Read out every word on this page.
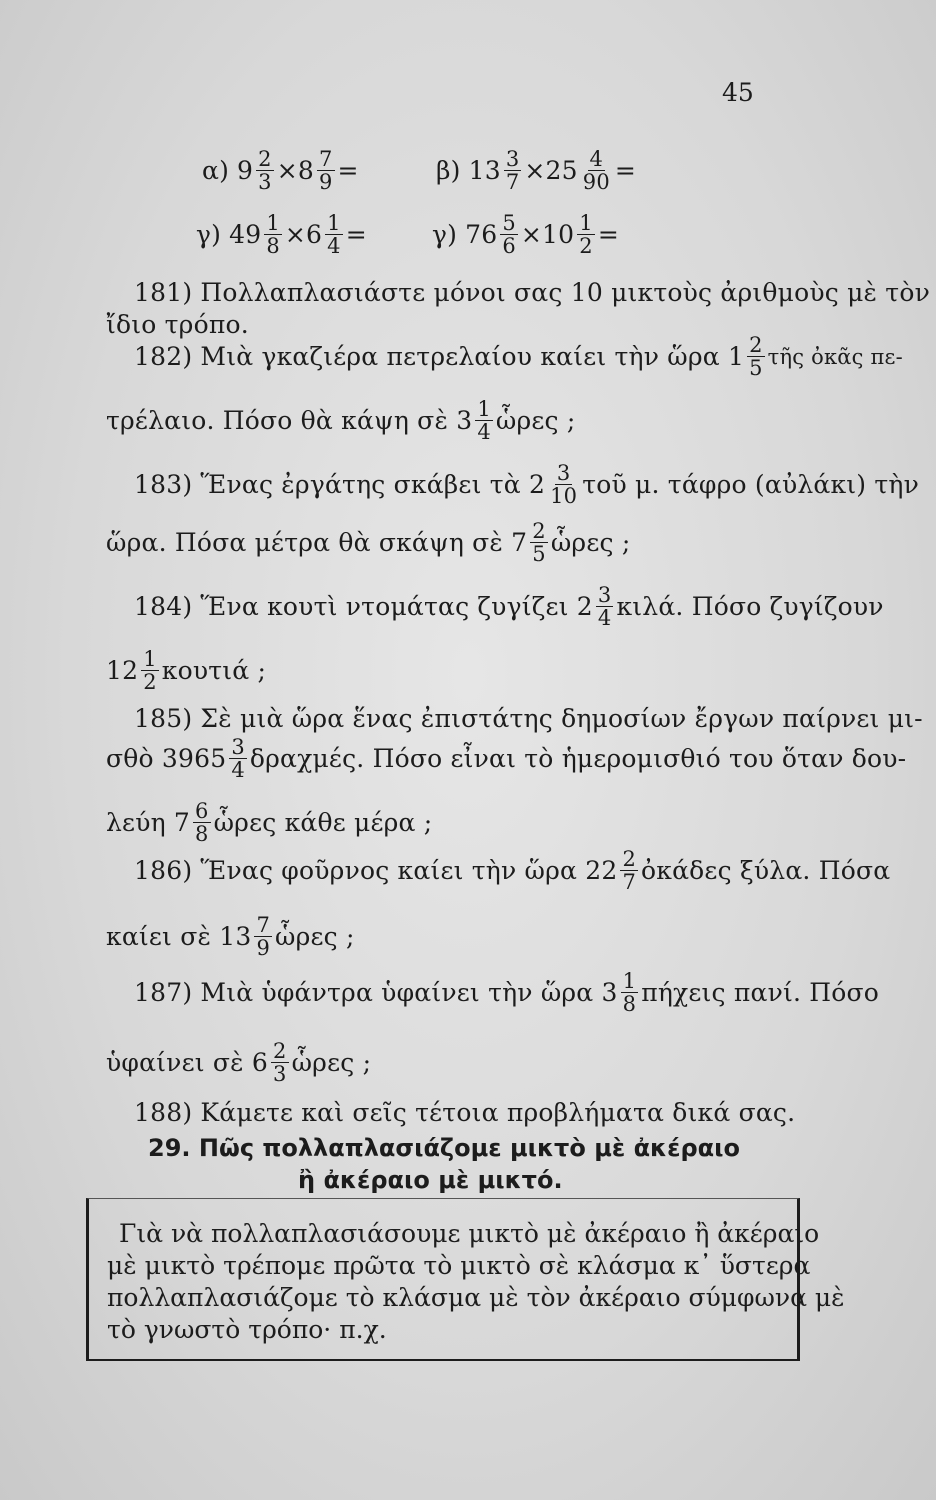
45
α) $9 \frac{2}{3} \times 8 \frac{7}{9}$ =	β) $13 \frac{3}{7} \times 25 \frac{4}{90}$ =
γ) $49 \frac{1}{8} \times 6 \frac{1}{4}$ =	γ) $76 \frac{5}{6} \times 10 \frac{1}{2}$ =
181) Πολλαπλασιάστε μόνοι σας 10 μικτοὺς ἀριθμοὺς μὲ τὸν
ἴδιο τρόπο.
182) Μιὰ γκαζιέρα πετρελαίου καίει τὴν ὥρα $1 \frac{2}{5}$ τῆς ὀκᾶς πε-
τρέλαιο. Πόσο θὰ κάψη σὲ $3 \frac{1}{4}$ ὧρες ;
183) Ἕνας ἐργάτης σκάβει τὰ $2 \frac{3}{10}$ τοῦ μ. τάφρο (αὐλάκι) τὴν
ὥρα. Πόσα μέτρα θὰ σκάψη σὲ $7 \frac{2}{5}$ ὧρες ;
184) Ἕνα κουτὶ ντομάτας ζυγίζει $2 \frac{3}{4} \kappa\iota\lambda ά$. Πόσο ζυγίζουν
$12 \frac{1}{2}$ κουτιά ;
185) Σὲ μιὰ ὥρα ἕνας ἐπιστάτης δημοσίων ἔργων παίρνει μι-
σθὸ $3965 \frac{3}{4} \delta\rho\alpha\chi\mu έ\varsigma$. Πόσο εἶναι τὸ ἡμερομισθιό του ὅταν δου-
λεύη $7 \frac{6}{8}$ ὧρες κάθε μέρα ;
186) Ἕνας φοῦρνος καίει τὴν ὥρα $22 \frac{2}{7}$ ὀκάδες ξύλα. Πόσα
καίει σὲ $13 \frac{7}{9}$ ὧρες ;
187) Μιὰ ὑφάντρα ὑφαίνει τὴν ὥρα $3 \frac{1}{8}$ πήχεις πανί. Πόσο
ὑφαίνει σὲ $6 \frac{2}{3}$ ὧρες ;
188) Κάμετε καὶ σεῖς τέτοια προβλήματα δικά σας.
29. Πῶς πολλαπλασιάζομε μικτὸ μὲ ἀκέραιο
ἢ ἀκέραιο μὲ μικτό.
Γιὰ νὰ πολλαπλασιάσουμε μικτὸ μὲ ἀκέραιο ἢ ἀκέραιο
μὲ μικτὸ τρέπομε πρῶτα τὸ μικτὸ σὲ κλάσμα κ᾿ ὕστερα
πολλαπλασιάζομε τὸ κλάσμα μὲ τὸν ἀκέραιο σύμφωνα μὲ
τὸ γνωστὸ τρόπο· π.χ.
